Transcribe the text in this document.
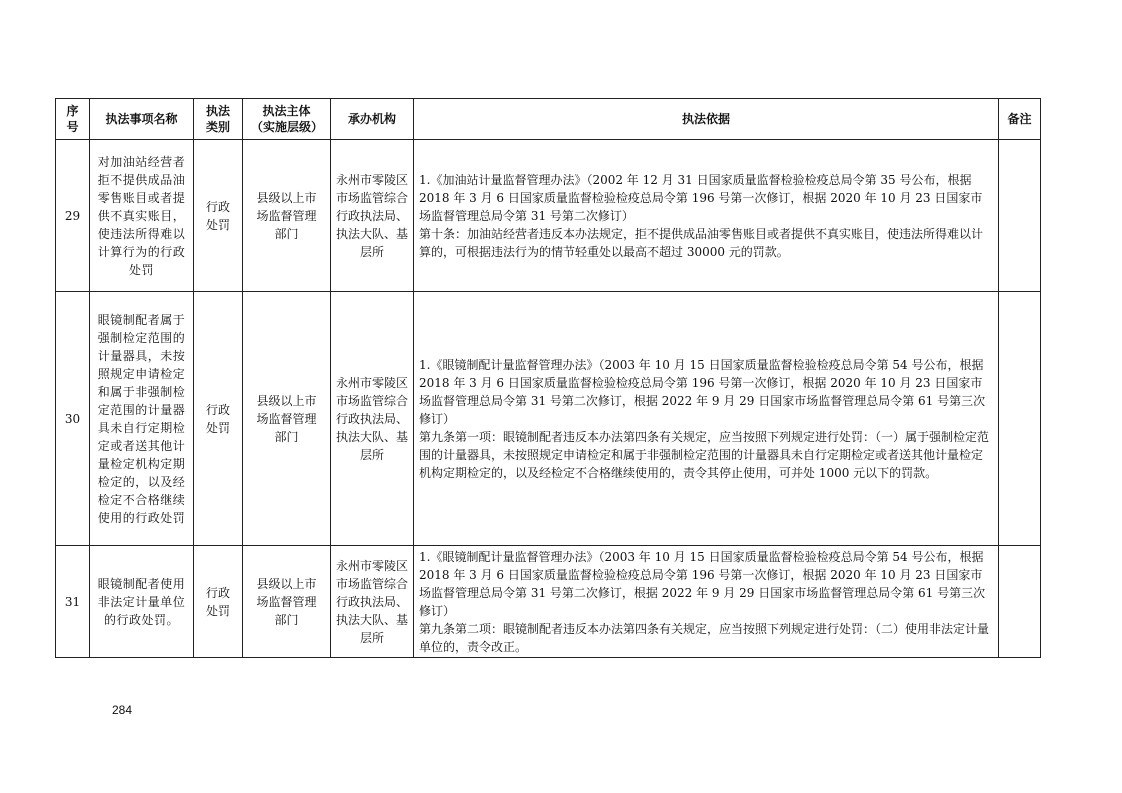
序号	执法事项名称	执法类别	执法主体（实施层级）	承办机构	执法依据	备注
29	对加油站经营者拒不提供成品油零售账目或者提供不真实账目，使违法所得难以计算行为的行政处罚	行政处罚	县级以上市场监督管理部门	永州市零陵区市场监管综合行政执法局、执法大队、基层所	1.《加油站计量监督管理办法》（2002 年 12 月 31 日国家质量监督检验检疫总局令第 35 号公布，根据 2018 年 3 月 6 日国家质量监督检验检疫总局令第 196 号第一次修订，根据 2020 年 10 月 23 日国家市场监督管理总局令第 31 号第二次修订）
第十条：加油站经营者违反本办法规定，拒不提供成品油零售账目或者提供不真实账目，使违法所得难以计算的，可根据违法行为的情节轻重处以最高不超过 30000 元的罚款。	

30	眼镜制配者属于强制检定范围的计量器具，未按照规定申请检定和属于非强制检定范围的计量器具未自行定期检定或者送其他计量检定机构定期检定的，以及经检定不合格继续使用的行政处罚	行政处罚	县级以上市场监督管理部门	永州市零陵区市场监管综合行政执法局、执法大队、基层所	1.《眼镜制配计量监督管理办法》（2003 年 10 月 15 日国家质量监督检验检疫总局令第 54 号公布，根据 2018 年 3 月 6 日国家质量监督检验检疫总局令第 196 号第一次修订，根据 2020 年 10 月 23 日国家市场监督管理总局令第 31 号第二次修订，根据 2022 年 9 月 29 日国家市场监督管理总局令第 61 号第三次修订）
第九条第一项：眼镜制配者违反本办法第四条有关规定，应当按照下列规定进行处罚：（一）属于强制检定范围的计量器具，未按照规定申请检定和属于非强制检定范围的计量器具未自行定期检定或者送其他计量检定机构定期检定的，以及经检定不合格继续使用的，责令其停止使用，可并处 1000 元以下的罚款。	

31	眼镜制配者使用非法定计量单位的行政处罚。	行政处罚	县级以上市场监督管理部门	永州市零陵区市场监管综合行政执法局、执法大队、基层所	1.《眼镜制配计量监督管理办法》（2003 年 10 月 15 日国家质量监督检验检疫总局令第 54 号公布，根据 2018 年 3 月 6 日国家质量监督检验检疫总局令第 196 号第一次修订，根据 2020 年 10 月 23 日国家市场监督管理总局令第 31 号第二次修订，根据 2022 年 9 月 29 日国家市场监督管理总局令第 61 号第三次修订）
第九条第二项：眼镜制配者违反本办法第四条有关规定，应当按照下列规定进行处罚：（二）使用非法定计量单位的，责令改正。	

284
